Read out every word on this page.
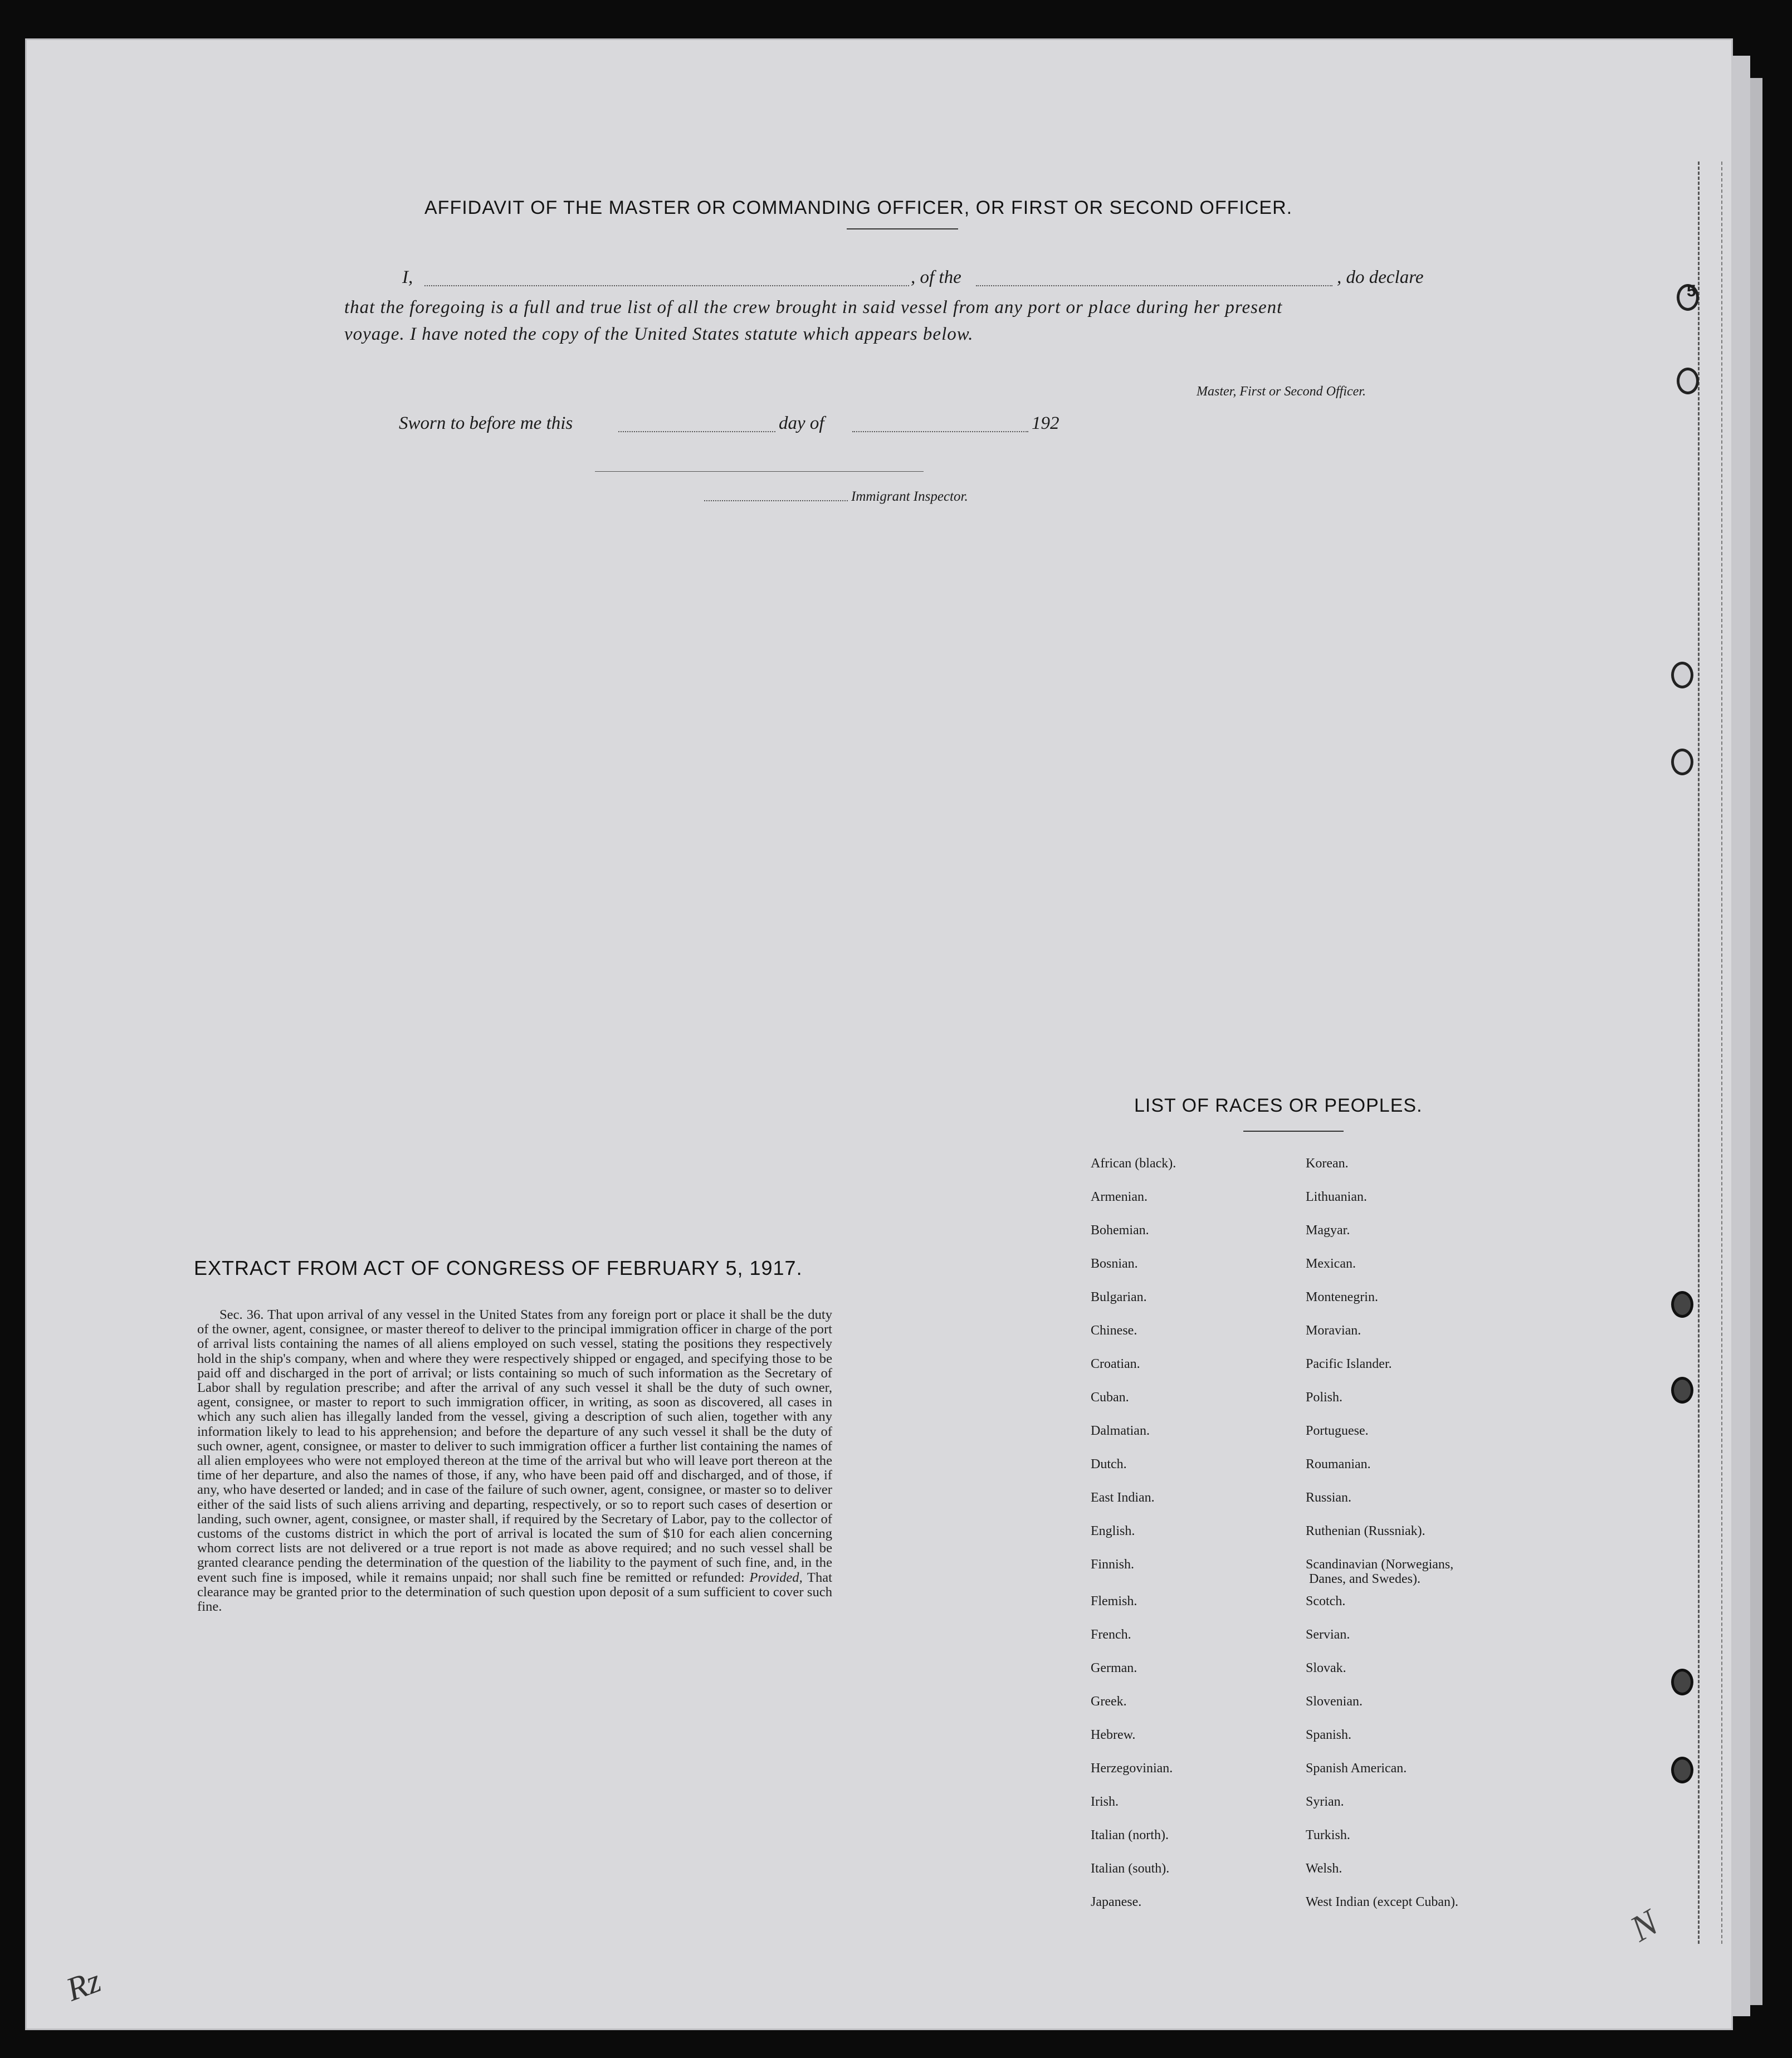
AFFIDAVIT OF THE MASTER OR COMMANDING OFFICER, OR FIRST OR SECOND OFFICER.
I,	, of the	, do declare
that the foregoing is a full and true list of all the crew brought in said vessel from any port or place during her present
voyage. I have noted the copy of the United States statute which appears below.
Master, First or Second Officer.
Sworn to before me this	day of	192
Immigrant Inspector.
EXTRACT FROM ACT OF CONGRESS OF FEBRUARY 5, 1917.
Sec. 36. That upon arrival of any vessel in the United States from any foreign port or place it shall be the duty of the owner, agent, consignee, or master thereof to deliver to the principal immigration officer in charge of the port of arrival lists containing the names of all aliens employed on such vessel, stating the positions they respectively hold in the ship's company, when and where they were respectively shipped or engaged, and specifying those to be paid off and discharged in the port of arrival; or lists containing so much of such information as the Secretary of Labor shall by regulation prescribe; and after the arrival of any such vessel it shall be the duty of such owner, agent, consignee, or master to report to such immigration officer, in writing, as soon as discovered, all cases in which any such alien has illegally landed from the vessel, giving a description of such alien, together with any information likely to lead to his apprehension; and before the departure of any such vessel it shall be the duty of such owner, agent, consignee, or master to deliver to such immigration officer a further list containing the names of all alien employees who were not employed thereon at the time of the arrival but who will leave port thereon at the time of her departure, and also the names of those, if any, who have been paid off and discharged, and of those, if any, who have deserted or landed; and in case of the failure of such owner, agent, consignee, or master so to deliver either of the said lists of such aliens arriving and departing, respectively, or so to report such cases of desertion or landing, such owner, agent, consignee, or master shall, if required by the Secretary of Labor, pay to the collector of customs of the customs district in which the port of arrival is located the sum of $10 for each alien concerning whom correct lists are not delivered or a true report is not made as above required; and no such vessel shall be granted clearance pending the determination of the question of the liability to the payment of such fine, and, in the event such fine is imposed, while it remains unpaid; nor shall such fine be remitted or refunded: Provided, That clearance may be granted prior to the determination of such question upon deposit of a sum sufficient to cover such fine.
LIST OF RACES OR PEOPLES.
African (black).	Korean.
Armenian.	Lithuanian.
Bohemian.	Magyar.
Bosnian.	Mexican.
Bulgarian.	Montenegrin.
Chinese.	Moravian.
Croatian.	Pacific Islander.
Cuban.	Polish.
Dalmatian.	Portuguese.
Dutch.	Roumanian.
East Indian.	Russian.
English.	Ruthenian (Russniak).
Finnish.	Scandinavian (Norwegians,
Danes, and Swedes).
Flemish.	Scotch.
French.	Servian.
German.	Slovak.
Greek.	Slovenian.
Hebrew.	Spanish.
Herzegovinian.	Spanish American.
Irish.	Syrian.
Italian (north).	Turkish.
Italian (south).	Welsh.
Japanese.	West Indian (except Cuban).
5
Rz
N
